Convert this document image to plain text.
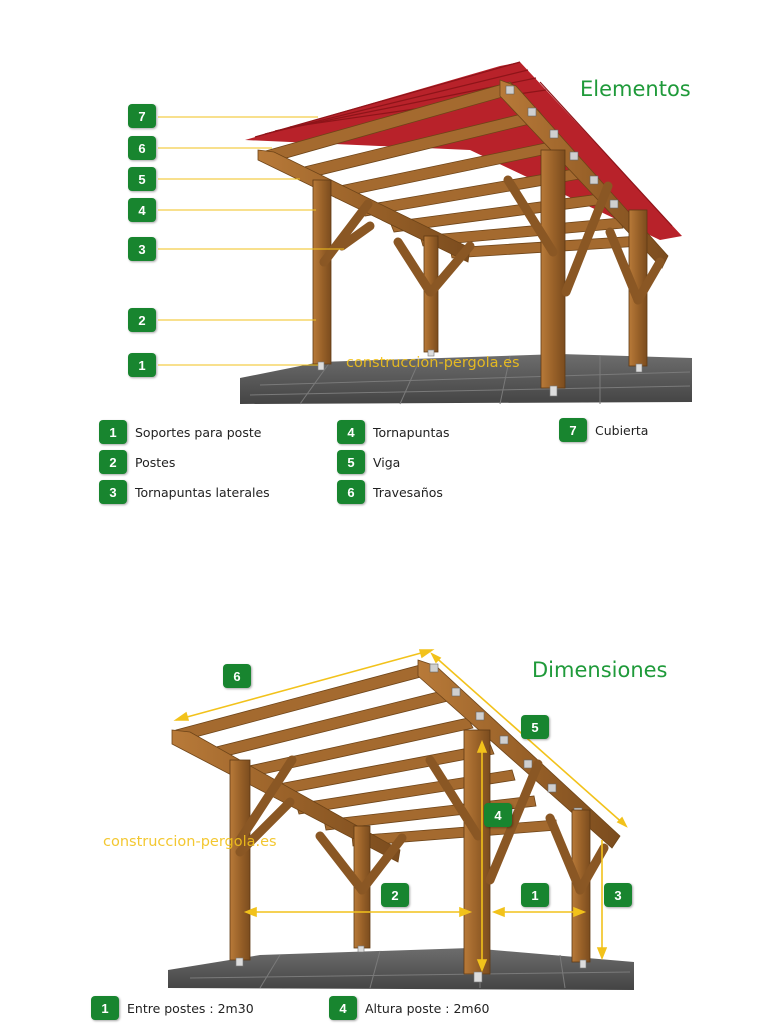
Elementos
7
6
5
4
3
2
1	construccion-pergola.es
1	Soportes para poste
2	Postes
3	Tornapuntas laterales
4	Tornapuntas
5	Viga
6	Travesaños
7	Cubierta
Dimensiones
6
5
4
3
2	1
construccion-pergola.es
1	Entre postes : 2m30	4	Altura poste : 2m60
